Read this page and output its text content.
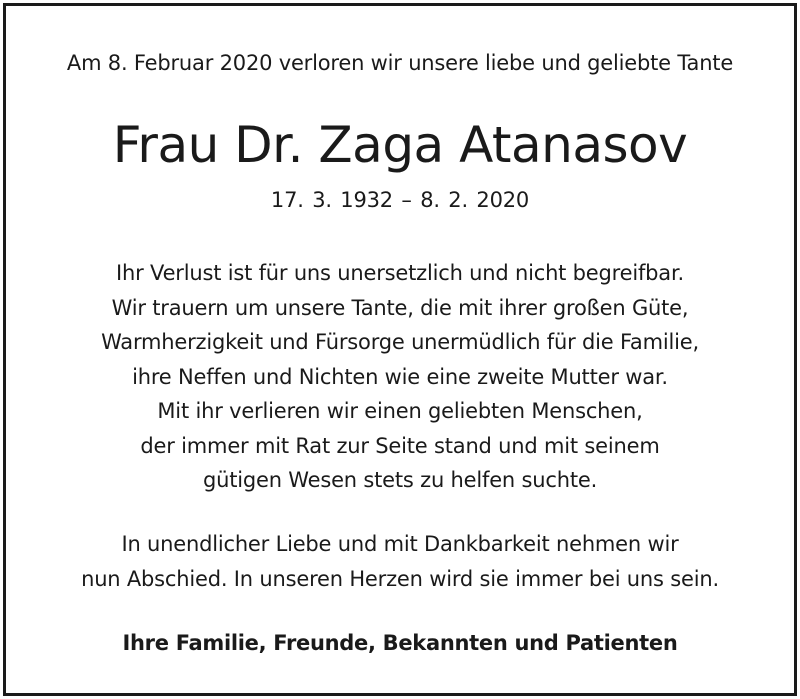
Am 8. Februar 2020 verloren wir unsere liebe und geliebte Tante
Frau Dr. Zaga Atanasov
17. 3. 1932 – 8. 2. 2020
Ihr Verlust ist für uns unersetzlich und nicht begreifbar.
Wir trauern um unsere Tante, die mit ihrer großen Güte,
Warmherzigkeit und Fürsorge unermüdlich für die Familie,
ihre Neffen und Nichten wie eine zweite Mutter war.
Mit ihr verlieren wir einen geliebten Menschen,
der immer mit Rat zur Seite stand und mit seinem
gütigen Wesen stets zu helfen suchte.
In unendlicher Liebe und mit Dankbarkeit nehmen wir
nun Abschied. In unseren Herzen wird sie immer bei uns sein.
Ihre Familie, Freunde, Bekannten und Patienten
